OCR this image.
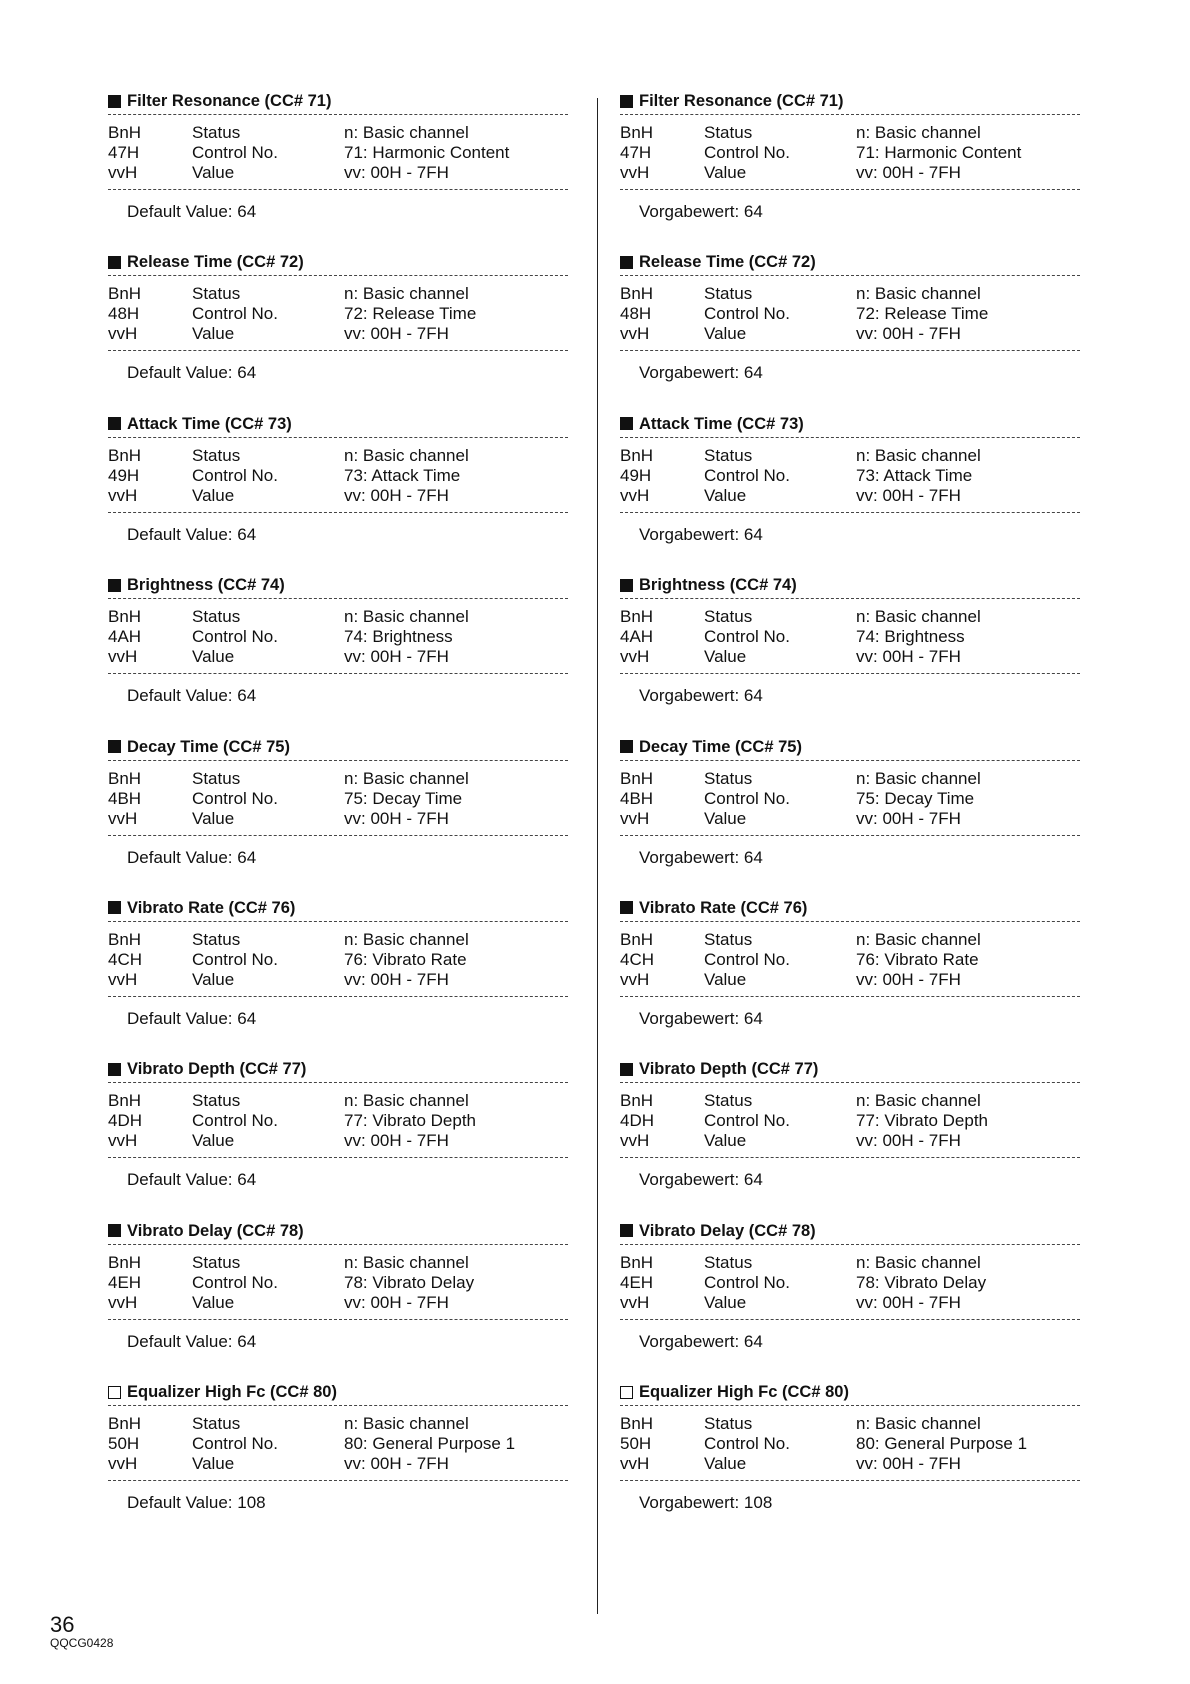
Filter Resonance (CC# 71)
BnH	Status	n: Basic channel
47H	Control No.	71: Harmonic Content
vvH	Value	vv: 00H - 7FH
Default Value: 64
Release Time (CC# 72)
BnH	Status	n: Basic channel
48H	Control No.	72: Release Time
vvH	Value	vv: 00H - 7FH
Default Value: 64
Attack Time (CC# 73)
BnH	Status	n: Basic channel
49H	Control No.	73: Attack Time
vvH	Value	vv: 00H - 7FH
Default Value: 64
Brightness (CC# 74)
BnH	Status	n: Basic channel
4AH	Control No.	74: Brightness
vvH	Value	vv: 00H - 7FH
Default Value: 64
Decay Time (CC# 75)
BnH	Status	n: Basic channel
4BH	Control No.	75: Decay Time
vvH	Value	vv: 00H - 7FH
Default Value: 64
Vibrato Rate (CC# 76)
BnH	Status	n: Basic channel
4CH	Control No.	76: Vibrato Rate
vvH	Value	vv: 00H - 7FH
Default Value: 64
Vibrato Depth (CC# 77)
BnH	Status	n: Basic channel
4DH	Control No.	77: Vibrato Depth
vvH	Value	vv: 00H - 7FH
Default Value: 64
Vibrato Delay (CC# 78)
BnH	Status	n: Basic channel
4EH	Control No.	78: Vibrato Delay
vvH	Value	vv: 00H - 7FH
Default Value: 64
Equalizer High Fc (CC# 80)
BnH	Status	n: Basic channel
50H	Control No.	80: General Purpose 1
vvH	Value	vv: 00H - 7FH
Default Value: 108
Filter Resonance (CC# 71)
BnH	Status	n: Basic channel
47H	Control No.	71: Harmonic Content
vvH	Value	vv: 00H - 7FH
Vorgabewert: 64
Release Time (CC# 72)
BnH	Status	n: Basic channel
48H	Control No.	72: Release Time
vvH	Value	vv: 00H - 7FH
Vorgabewert: 64
Attack Time (CC# 73)
BnH	Status	n: Basic channel
49H	Control No.	73: Attack Time
vvH	Value	vv: 00H - 7FH
Vorgabewert: 64
Brightness (CC# 74)
BnH	Status	n: Basic channel
4AH	Control No.	74: Brightness
vvH	Value	vv: 00H - 7FH
Vorgabewert: 64
Decay Time (CC# 75)
BnH	Status	n: Basic channel
4BH	Control No.	75: Decay Time
vvH	Value	vv: 00H - 7FH
Vorgabewert: 64
Vibrato Rate (CC# 76)
BnH	Status	n: Basic channel
4CH	Control No.	76: Vibrato Rate
vvH	Value	vv: 00H - 7FH
Vorgabewert: 64
Vibrato Depth (CC# 77)
BnH	Status	n: Basic channel
4DH	Control No.	77: Vibrato Depth
vvH	Value	vv: 00H - 7FH
Vorgabewert: 64
Vibrato Delay (CC# 78)
BnH	Status	n: Basic channel
4EH	Control No.	78: Vibrato Delay
vvH	Value	vv: 00H - 7FH
Vorgabewert: 64
Equalizer High Fc (CC# 80)
BnH	Status	n: Basic channel
50H	Control No.	80: General Purpose 1
vvH	Value	vv: 00H - 7FH
Vorgabewert: 108
36
QQCG0428
